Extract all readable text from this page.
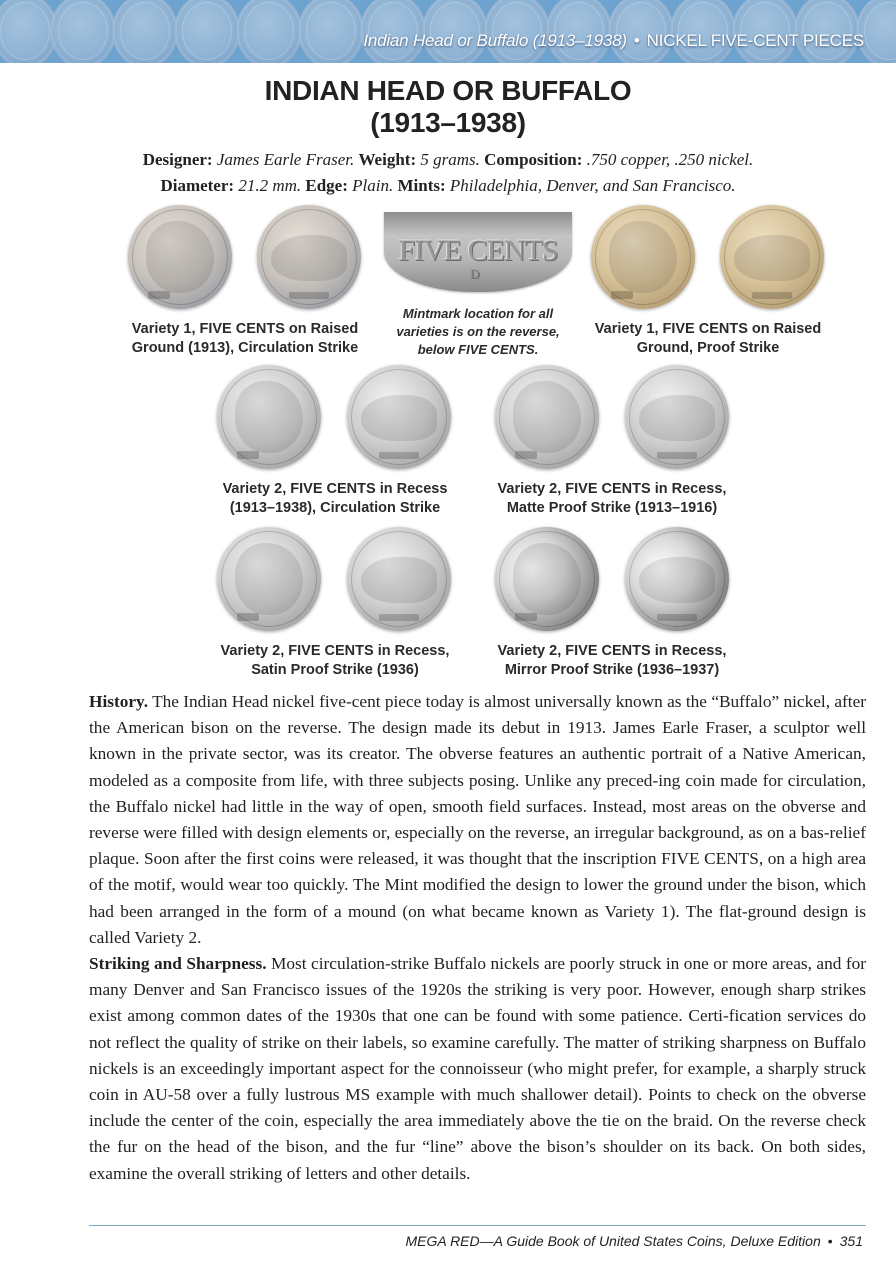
Indian Head or Buffalo (1913–1938) • NICKEL FIVE-CENT PIECES
INDIAN HEAD OR BUFFALO
(1913–1938)
Designer: James Earle Fraser. Weight: 5 grams. Composition: .750 copper, .250 nickel.
Diameter: 21.2 mm. Edge: Plain. Mints: Philadelphia, Denver, and San Francisco.
Variety 1, FIVE CENTS on Raised
Ground (1913), Circulation Strike
FIVE CENTS
D
Mintmark location for all
varieties is on the reverse,
below FIVE CENTS.
Variety 1, FIVE CENTS on Raised
Ground, Proof Strike
Variety 2, FIVE CENTS in Recess
(1913–1938), Circulation Strike
Variety 2, FIVE CENTS in Recess,
Matte Proof Strike (1913–1916)
Variety 2, FIVE CENTS in Recess,
Satin Proof Strike (1936)
Variety 2, FIVE CENTS in Recess,
Mirror Proof Strike (1936–1937)
History. The Indian Head nickel five-cent piece today is almost universally known as the “Buffalo” nickel, after the American bison on the reverse. The design made its debut in 1913. James Earle Fraser, a sculptor well known in the private sector, was its creator. The obverse features an authentic portrait of a Native American, modeled as a composite from life, with three subjects posing. Unlike any preced-ing coin made for circulation, the Buffalo nickel had little in the way of open, smooth field surfaces. Instead, most areas on the obverse and reverse were filled with design elements or, especially on the reverse, an irregular background, as on a bas-relief plaque. Soon after the first coins were released, it was thought that the inscription FIVE CENTS, on a high area of the motif, would wear too quickly. The Mint modified the design to lower the ground under the bison, which had been arranged in the form of a mound (on what became known as Variety 1). The flat-ground design is called Variety 2.
Striking and Sharpness. Most circulation-strike Buffalo nickels are poorly struck in one or more areas, and for many Denver and San Francisco issues of the 1920s the striking is very poor. However, enough sharp strikes exist among common dates of the 1930s that one can be found with some patience. Certi-fication services do not reflect the quality of strike on their labels, so examine carefully. The matter of striking sharpness on Buffalo nickels is an exceedingly important aspect for the connoisseur (who might prefer, for example, a sharply struck coin in AU-58 over a fully lustrous MS example with much shallower detail). Points to check on the obverse include the center of the coin, especially the area immediately above the tie on the braid. On the reverse check the fur on the head of the bison, and the fur “line” above the bison’s shoulder on its back. On both sides, examine the overall striking of letters and other details.
MEGA RED—A Guide Book of United States Coins, Deluxe Edition • 351
